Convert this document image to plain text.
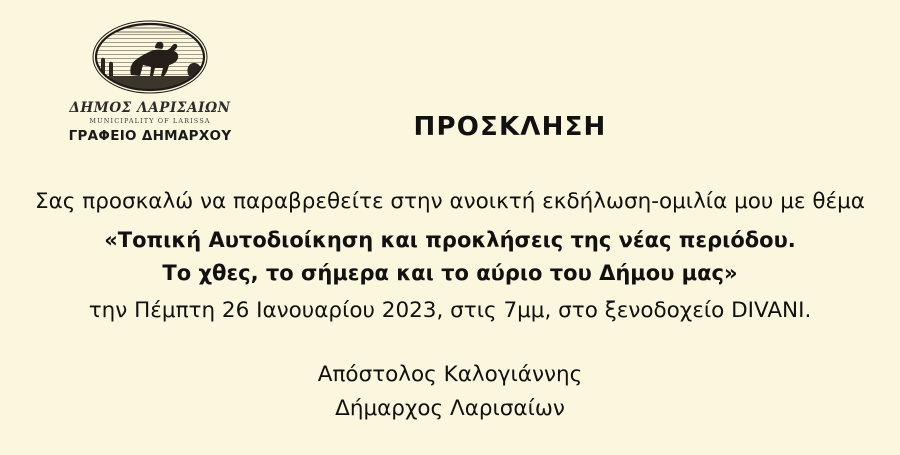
ΔΗΜΟΣ ΛΑΡΙΣΑΙΩΝ
MUNICIPALITY OF LARISSA
ΓΡΑΦΕΙΟ ΔΗΜΑΡΧΟΥ	ΠΡΟΣΚΛΗΣΗ
Σας προσκαλώ να παραβρεθείτε στην ανοικτή εκδήλωση-ομιλία μου με θέμα
«Τοπική Αυτοδιοίκηση και προκλήσεις της νέας περιόδου.
Το χθες, το σήμερα και το αύριο του Δήμου μας»
την Πέμπτη 26 Ιανουαρίου 2023, στις 7μμ, στο ξενοδοχείο DIVANI.
Απόστολος Καλογιάννης
Δήμαρχος Λαρισαίων
